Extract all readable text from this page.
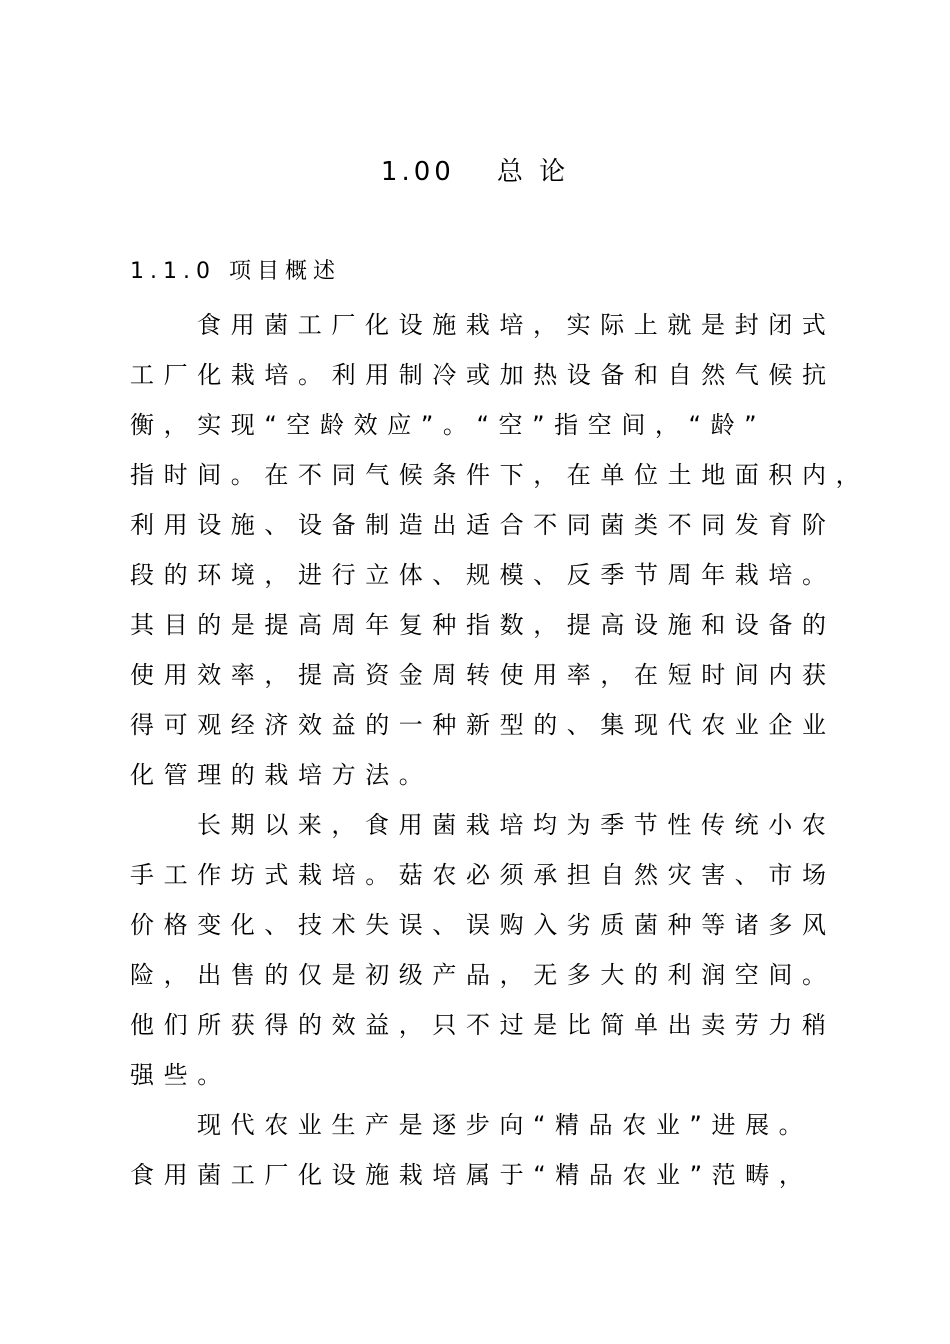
1.00 总 论
1.1.0 项目概述
食用菌工厂化设施栽培，实际上就是封闭式
工厂化栽培。利用制冷或加热设备和自然气候抗
衡，实现“空龄效应”。“空”指空间，“龄”
指时间。在不同气候条件下，在单位土地面积内，
利用设施、设备制造出适合不同菌类不同发育阶
段的环境，进行立体、规模、反季节周年栽培。
其目的是提高周年复种指数，提高设施和设备的
使用效率，提高资金周转使用率，在短时间内获
得可观经济效益的一种新型的、集现代农业企业
化管理的栽培方法。
长期以来，食用菌栽培均为季节性传统小农
手工作坊式栽培。菇农必须承担自然灾害、市场
价格变化、技术失误、误购入劣质菌种等诸多风
险，出售的仅是初级产品，无多大的利润空间。
他们所获得的效益，只不过是比简单出卖劳力稍
强些。
现代农业生产是逐步向“精品农业”进展。
食用菌工厂化设施栽培属于“精品农业”范畴，
